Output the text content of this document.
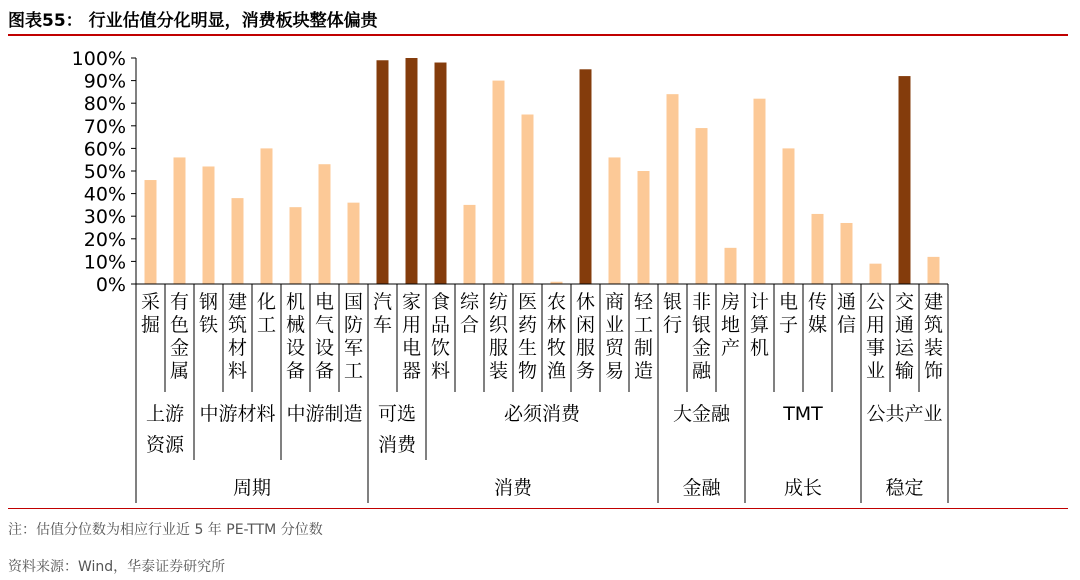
图表55： 行业估值分化明显，消费板块整体偏贵
0%
10%
20%
30%
40%
50%
60%
70%
80%
90%
100%
采掘
有色金属
钢铁
建筑材料
化工
机械设备
电气设备
国防军工
汽车
家用电器
食品饮料
综合
纺织服装
医药生物
农林牧渔
休闲服务
商业贸易
轻工制造
银行
非银金融
房地产
计算机
电子
传媒
通信
公用事业
交通运输
建筑装饰
上游资源
中游材料 中游制造 可选消费
必须消费	大金融	TMT 公共产业
周期	消费	金融	成长	稳定
注：估值分位数为相应行业近 5 年 PE-TTM 分位数
资料来源：Wind，华泰证券研究所
